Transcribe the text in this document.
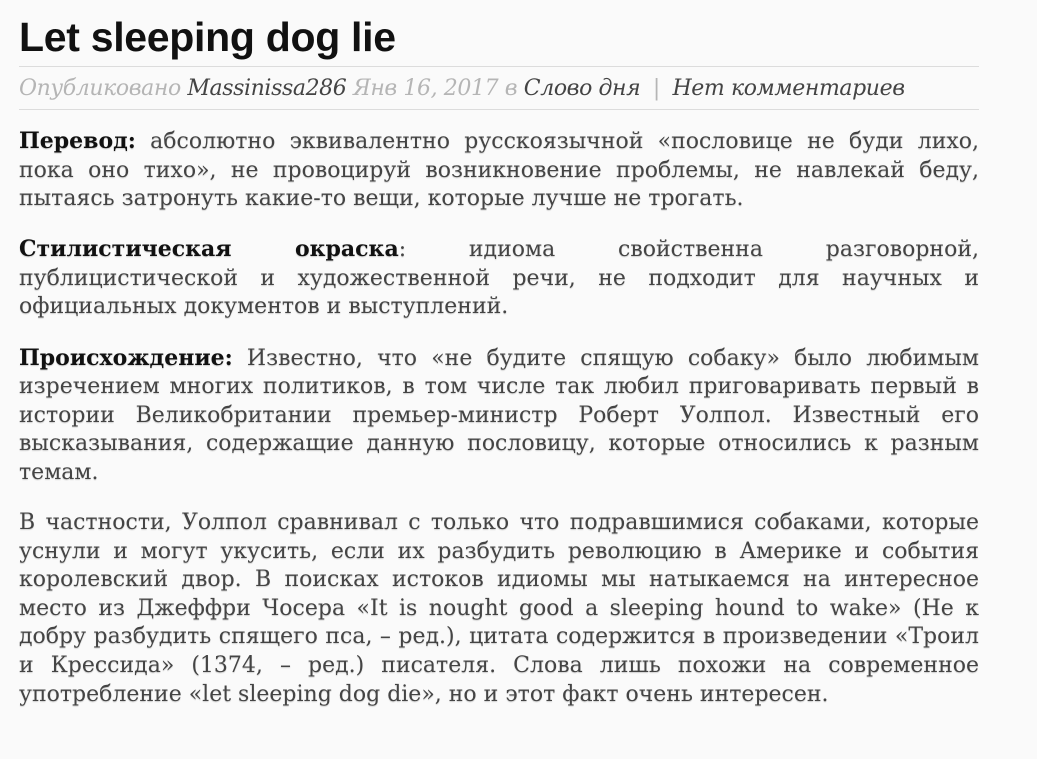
Let sleeping dog lie
Опубликовано Massinissa286 Янв 16, 2017 в Слово дня | Нет комментариев

Перевод: абсолютно эквивалентно русскоязычной «пословице не буди лихо, пока оно тихо», не провоцируй возникновение проблемы, не навлекай беду, пытаясь затронуть какие-то вещи, которые лучше не трогать.

Стилистическая окраска: идиома свойственна разговорной, публицистической и художественной речи, не подходит для научных и официальных документов и выступлений.

Происхождение: Известно, что «не будите спящую собаку» было любимым изречением многих политиков, в том числе так любил приговаривать первый в истории Великобритании премьер-министр Роберт Уолпол. Известный его высказывания, содержащие данную пословицу, которые относились к разным темам.

В частности, Уолпол сравнивал с только что подравшимися собаками, которые уснули и могут укусить, если их разбудить революцию в Америке и события королевский двор. В поисках истоков идиомы мы натыкаемся на интересное место из Джеффри Чосера «It is nought good a sleeping hound to wake» (Не к добру разбудить спящего пса, – ред.), цитата содержится в произведении «Троил и Крессида» (1374, – ред.) писателя. Слова лишь похожи на современное употребление «let sleeping dog die», но и этот факт очень интересен.
